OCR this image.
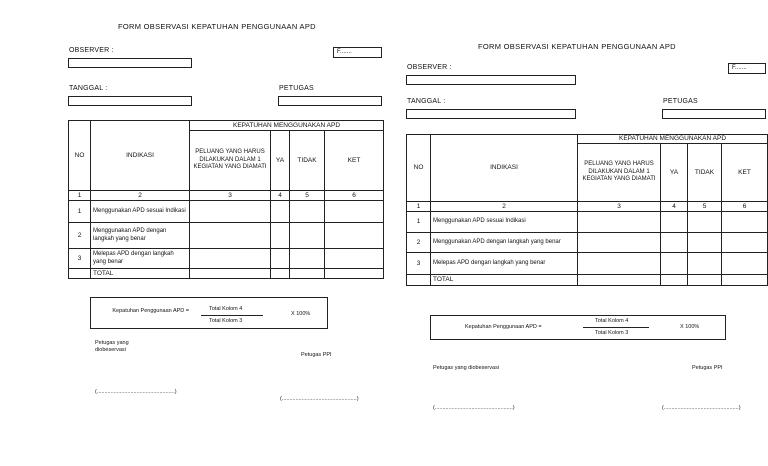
FORM OBSERVASI KEPATUHAN PENGGUNAAN APD
OBSERVER :	F.......
TANGGAL :	PETUGAS
NO	INDIKASI	KEPATUHAN MENGGUNAKAN APD			
		PELUANG YANG HARUS DILAKUKAN DALAM 1 KEGIATAN YANG DIAMATI	YA	TIDAK	KET
1	2	3	4	5	6
1	Menggunakan APD sesuai Indikasi				
2	Menggunakan APD dengan langkah yang benar				
3	Melepas APD dengan langkah yang benar				
	TOTAL				
Kepatuhan Penggunaan APD =	Total Kolom 4
Total Kolom 3
X 100%
Petugas yang diobeservasi
Petugas PPI
(...................................................)
(.................................................)
FORM OBSERVASI KEPATUHAN PENGGUNAAN APD
OBSERVER :	F.......
TANGGAL :	PETUGAS
NO	INDIKASI	KEPATUHAN MENGGUNAKAN APD			
		PELUANG YANG HARUS DILAKUKAN DALAM 1 KEGIATAN YANG DIAMATI	YA	TIDAK	KET
1	2	3	4	5	6
1	Menggunakan APD sesuai Indikasi				
2	Menggunakan APD dengan langkah yang benar				
3	Melepas APD dengan langkah yang benar				
	TOTAL				
Kepatuhan Penggunaan APD =
Total Kolom 4
Total Kolom 3
X 100%
Petugas yang diobeservasi	Petugas PPI
(...................................................)	(.................................................)
